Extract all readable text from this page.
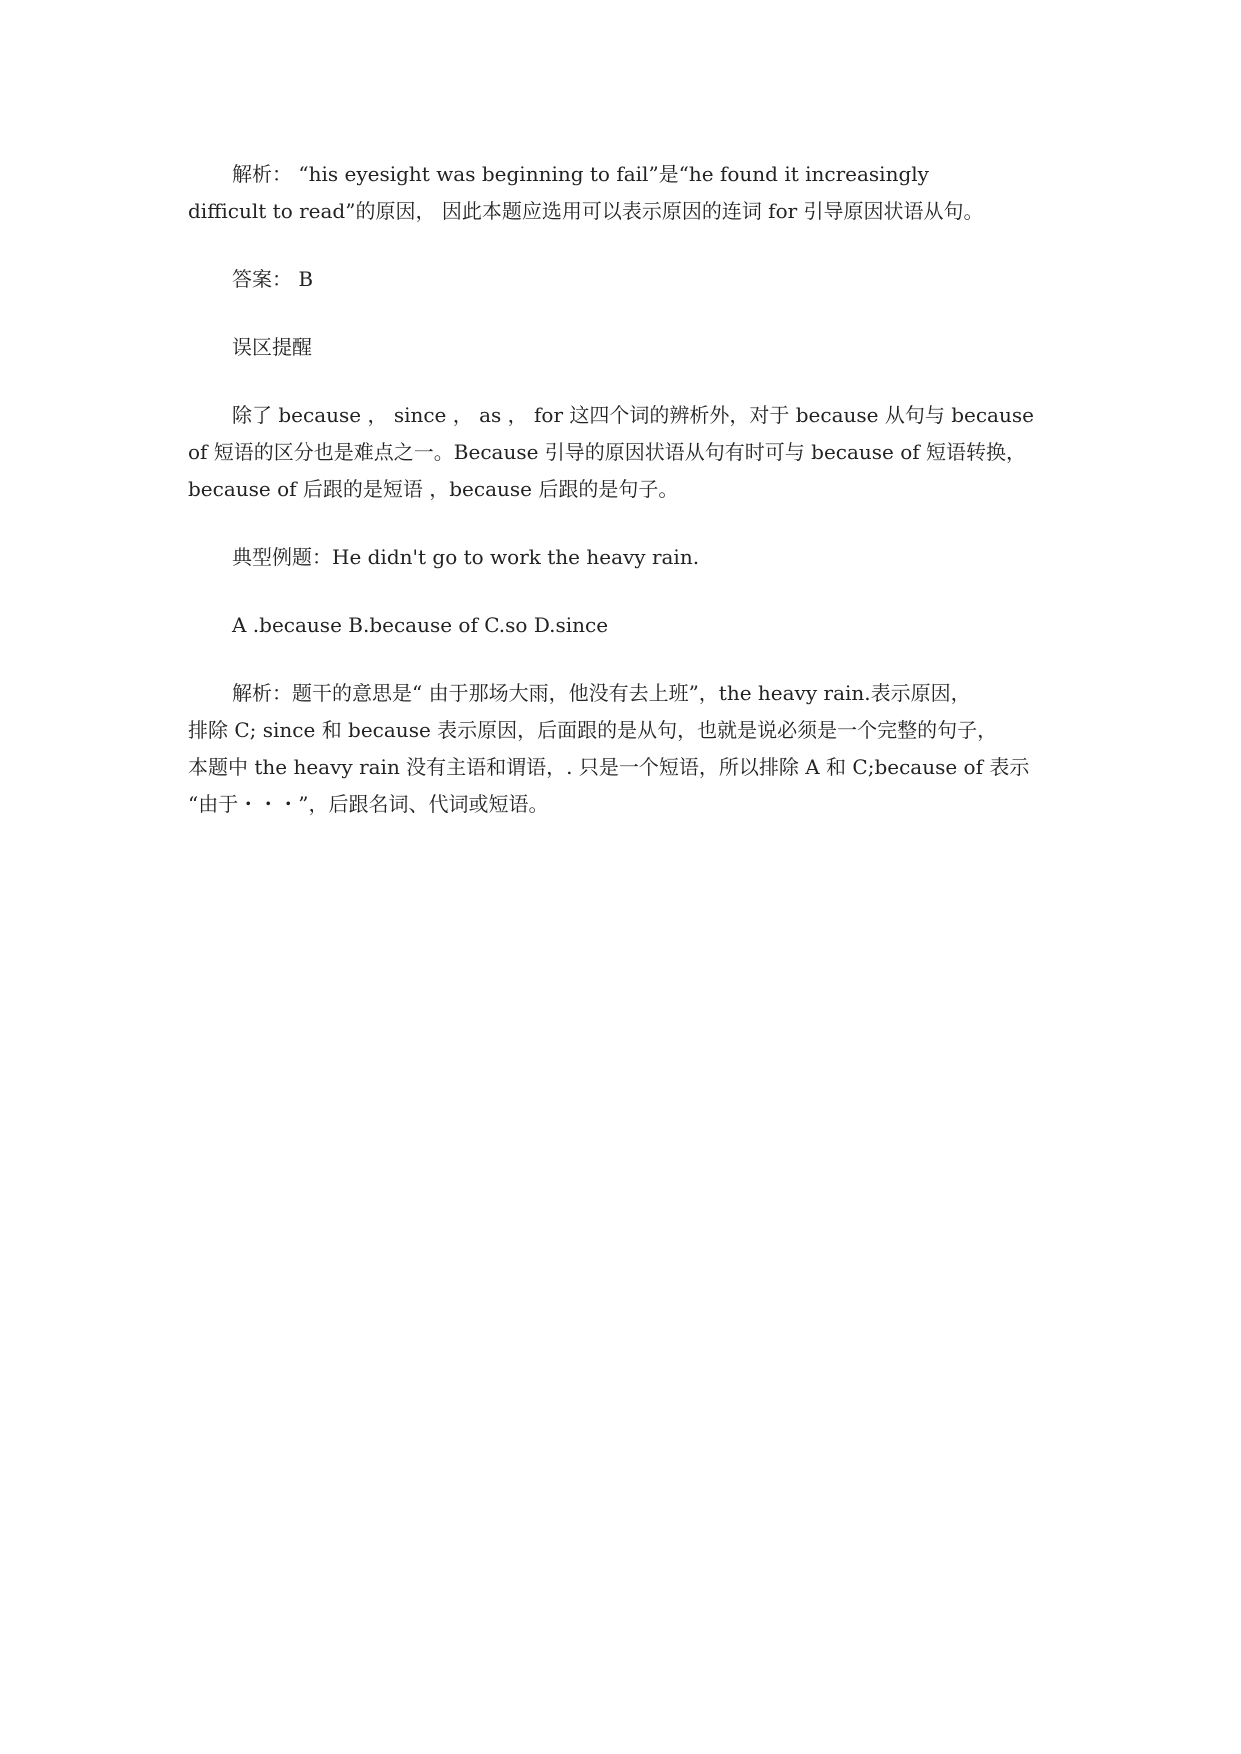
解析： “his eyesight was beginning to fail”是“he found it increasingly
difficult to read”的原因， 因此本题应选用可以表示原因的连词 for 引导原因状语从句。

答案： B

误区提醒

除了 because ， since ， as ， for 这四个词的辨析外，对于 because 从句与 because
of 短语的区分也是难点之一。Because 引导的原因状语从句有时可与 because of 短语转换，
because of 后跟的是短语 ，because 后跟的是句子。

典型例题：He didn't go to work the heavy rain.

A .because B.because of C.so D.since

解析：题干的意思是“ 由于那场大雨，他没有去上班”，the heavy rain.表示原因，
排除 C; since 和 because 表示原因，后面跟的是从句，也就是说必须是一个完整的句子，
本题中 the heavy rain 没有主语和谓语，. 只是一个短语，所以排除 A 和 C;because of 表示
“由于・・・”，后跟名词、代词或短语。
